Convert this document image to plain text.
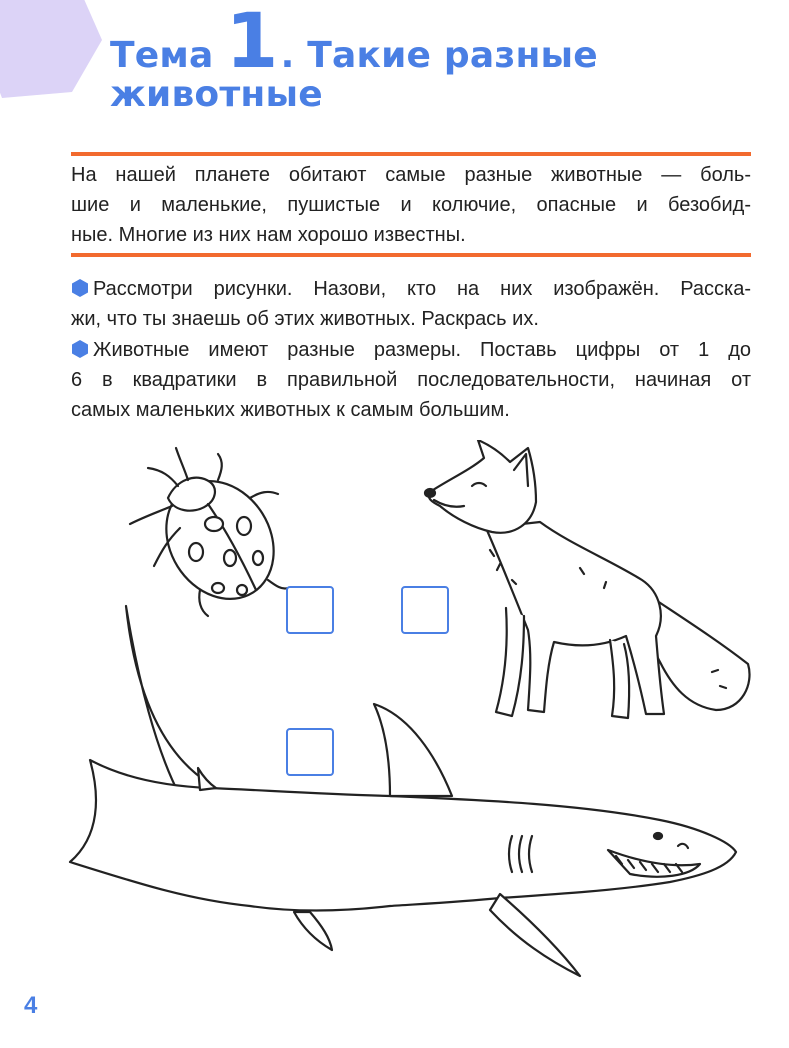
Тема 1 . Такие разные
животные
На нашей планете обитают самые разные животные — боль-
шие и маленькие, пушистые и колючие, опасные и безобид-
ные. Многие из них нам хорошо известны.
Рассмотри рисунки. Назови, кто на них изображён. Расска-
жи, что ты знаешь об этих животных. Раскрась их.
Животные имеют разные размеры. Поставь цифры от 1 до
6 в квадратики в правильной последовательности, начиная от
самых маленьких животных к самым большим.
4
